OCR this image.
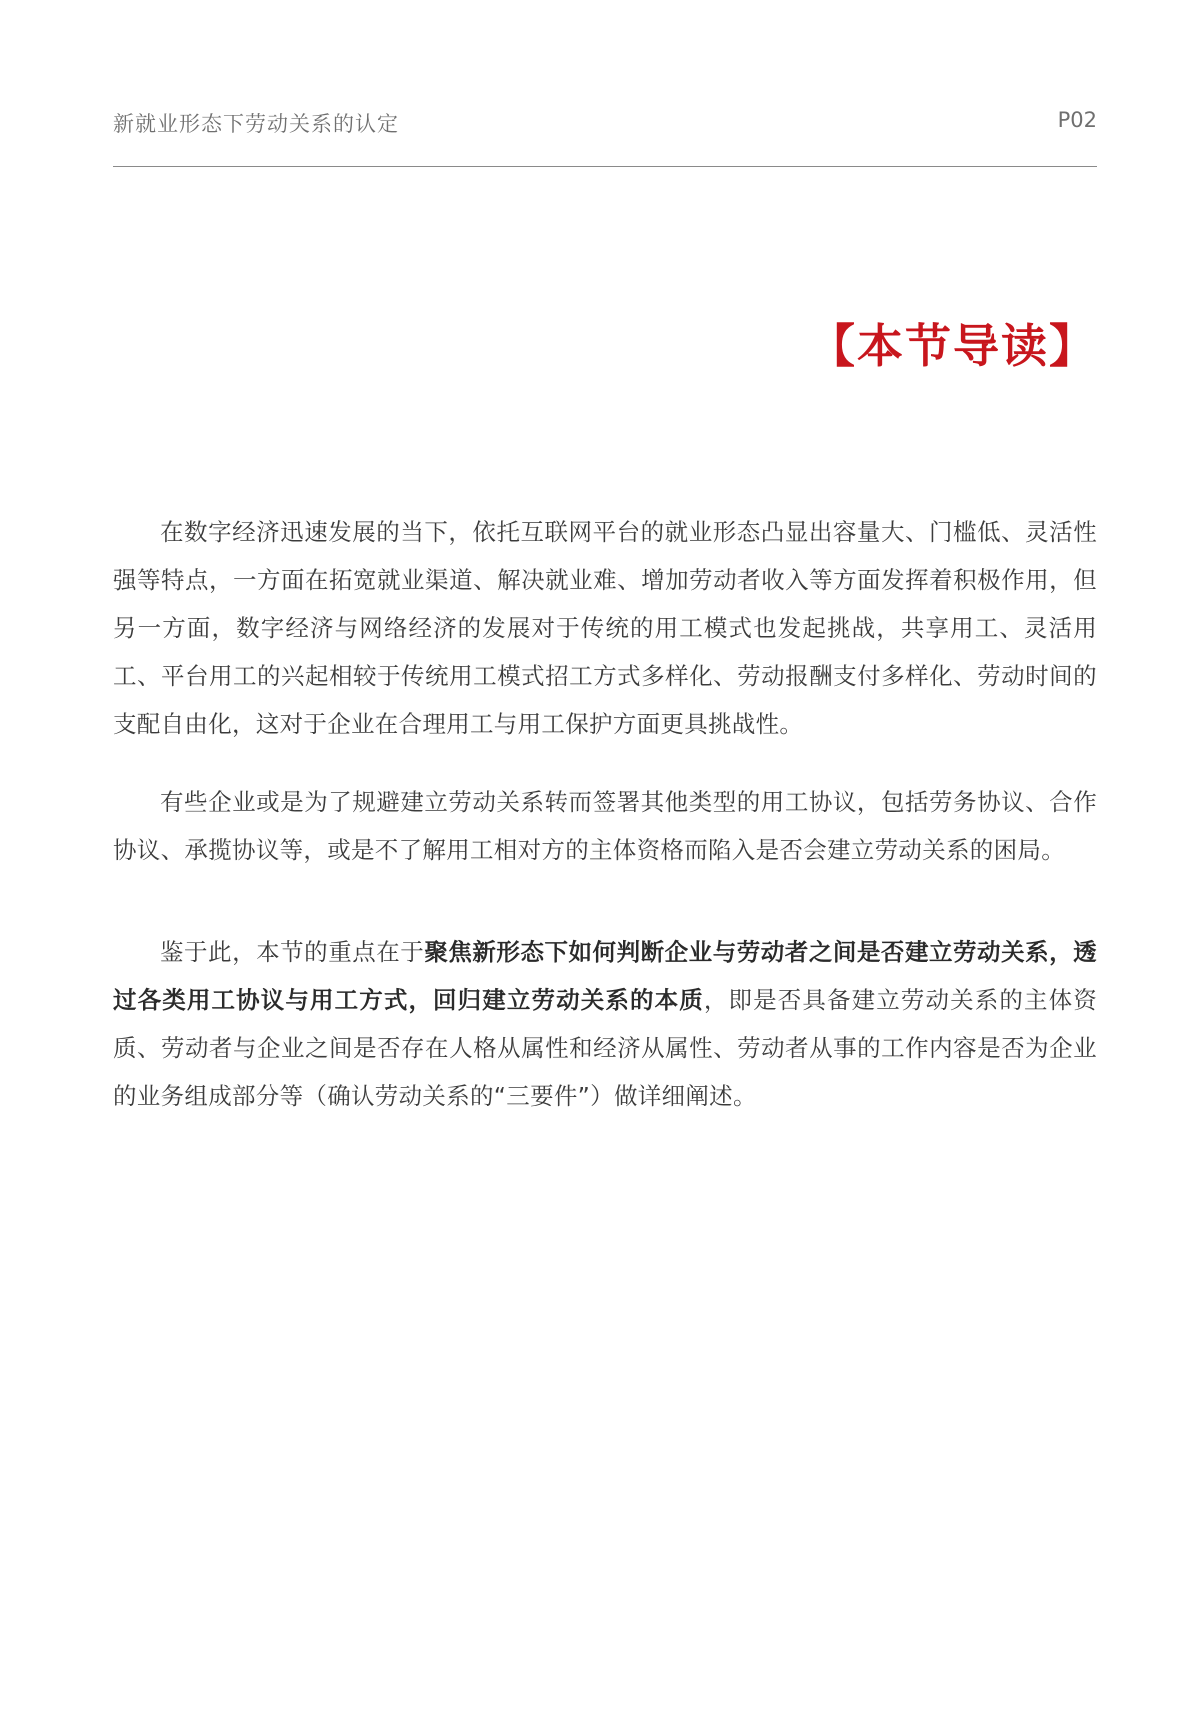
新就业形态下劳动关系的认定	P02
【本节导读】

在数字经济迅速发展的当下，依托互联网平台的就业形态凸显出容量大、门槛低、灵活性强等特点，一方面在拓宽就业渠道、解决就业难、增加劳动者收入等方面发挥着积极作用，但另一方面，数字经济与网络经济的发展对于传统的用工模式也发起挑战，共享用工、灵活用工、平台用工的兴起相较于传统用工模式招工方式多样化、劳动报酬支付多样化、劳动时间的支配自由化，这对于企业在合理用工与用工保护方面更具挑战性。

有些企业或是为了规避建立劳动关系转而签署其他类型的用工协议，包括劳务协议、合作协议、承揽协议等，或是不了解用工相对方的主体资格而陷入是否会建立劳动关系的困局。

鉴于此，本节的重点在于聚焦新形态下如何判断企业与劳动者之间是否建立劳动关系，透过各类用工协议与用工方式，回归建立劳动关系的本质，即是否具备建立劳动关系的主体资质、劳动者与企业之间是否存在人格从属性和经济从属性、劳动者从事的工作内容是否为企业的业务组成部分等（确认劳动关系的“三要件”）做详细阐述。
